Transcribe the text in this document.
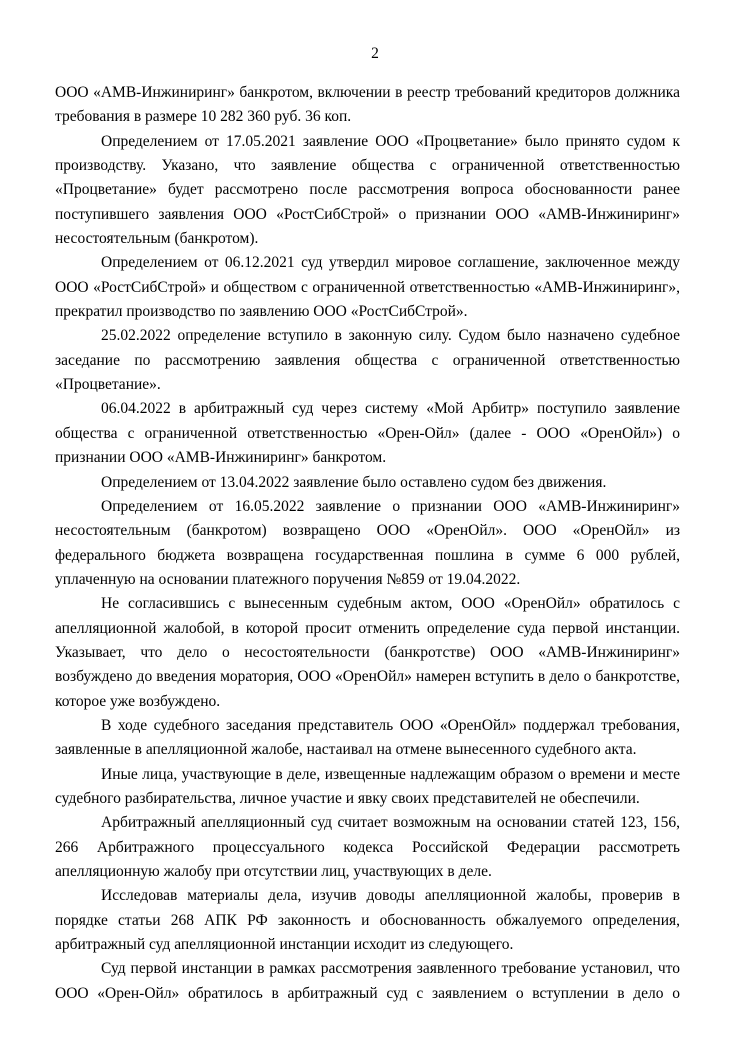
2

ООО «АМВ-Инжиниринг» банкротом, включении в реестр требований кредиторов должника требования в размере 10 282 360 руб. 36 коп.

Определением от 17.05.2021 заявление ООО «Процветание» было принято судом к производству. Указано, что заявление общества с ограниченной ответственностью «Процветание» будет рассмотрено после рассмотрения вопроса обоснованности ранее поступившего заявления ООО «РостСибСтрой» о признании ООО «АМВ-Инжиниринг» несостоятельным (банкротом).

Определением от 06.12.2021 суд утвердил мировое соглашение, заключенное между ООО «РостСибСтрой» и обществом с ограниченной ответственностью «АМВ-Инжиниринг», прекратил производство по заявлению ООО «РостСибСтрой».

25.02.2022 определение вступило в законную силу. Судом было назначено судебное заседание по рассмотрению заявления общества с ограниченной ответственностью «Процветание».

06.04.2022 в арбитражный суд через систему «Мой Арбитр» поступило заявление общества с ограниченной ответственностью «Орен-Ойл» (далее - ООО «ОренОйл») о признании ООО «АМВ-Инжиниринг» банкротом.

Определением от 13.04.2022 заявление было оставлено судом без движения.

Определением от 16.05.2022 заявление о признании ООО «АМВ-Инжиниринг» несостоятельным (банкротом) возвращено ООО «ОренОйл». ООО «ОренОйл» из федерального бюджета возвращена государственная пошлина в сумме 6 000 рублей, уплаченную на основании платежного поручения №859 от 19.04.2022.

Не согласившись с вынесенным судебным актом, ООО «ОренОйл» обратилось с апелляционной жалобой, в которой просит отменить определение суда первой инстанции. Указывает, что дело о несостоятельности (банкротстве) ООО «АМВ-Инжиниринг» возбуждено до введения моратория, ООО «ОренОйл» намерен вступить в дело о банкротстве, которое уже возбуждено.

В ходе судебного заседания представитель ООО «ОренОйл» поддержал требования, заявленные в апелляционной жалобе, настаивал на отмене вынесенного судебного акта.

Иные лица, участвующие в деле, извещенные надлежащим образом о времени и месте судебного разбирательства, личное участие и явку своих представителей не обеспечили.

Арбитражный апелляционный суд считает возможным на основании статей 123, 156, 266 Арбитражного процессуального кодекса Российской Федерации рассмотреть апелляционную жалобу при отсутствии лиц, участвующих в деле.

Исследовав материалы дела, изучив доводы апелляционной жалобы, проверив в порядке статьи 268 АПК РФ законность и обоснованность обжалуемого определения, арбитражный суд апелляционной инстанции исходит из следующего.

Суд первой инстанции в рамках рассмотрения заявленного требование установил, что ООО «Орен-Ойл» обратилось в арбитражный суд с заявлением о вступлении в дело о
